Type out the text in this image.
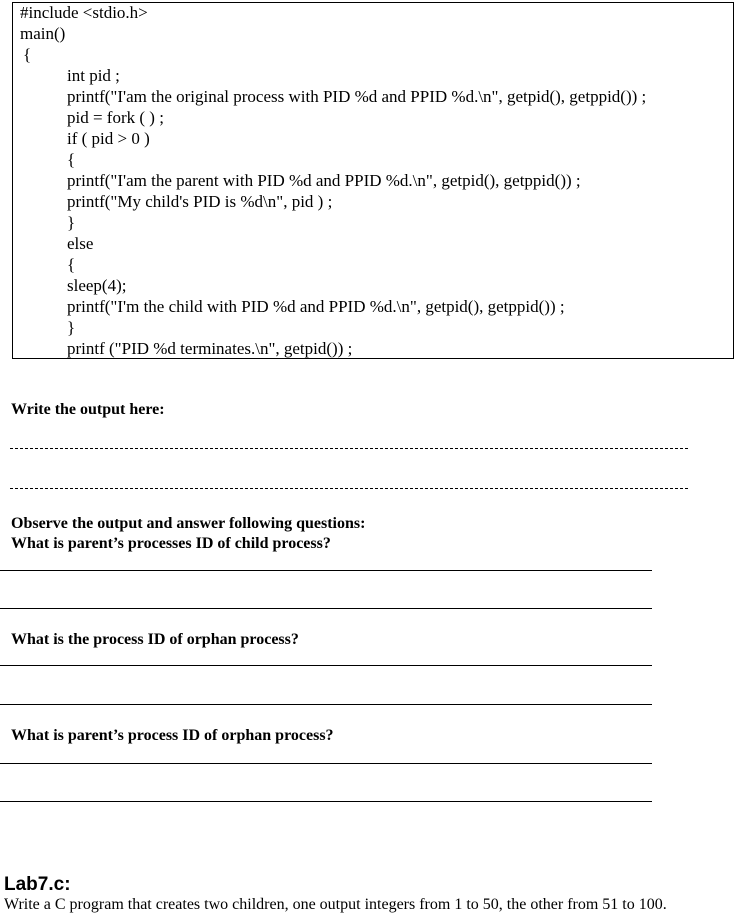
#include <stdio.h>
main()
{
int pid ;
printf("I'am the original process with PID %d and PPID %d.\n", getpid(), getppid()) ;
pid = fork ( ) ;
if ( pid > 0 )
{
printf("I'am the parent with PID %d and PPID %d.\n", getpid(), getppid()) ;
printf("My child's PID is %d\n", pid ) ;
}
else
{
sleep(4);
printf("I'm the child with PID %d and PPID %d.\n", getpid(), getppid()) ;
}
printf ("PID %d terminates.\n", getpid()) ;
Write the output here:
Observe the output and answer following questions:
What is parent’s processes ID of child process?
What is the process ID of orphan process?
What is parent’s process ID of orphan process?
Lab7.c:
Write a C program that creates two children, one output integers from 1 to 50, the other from 51 to 100.
